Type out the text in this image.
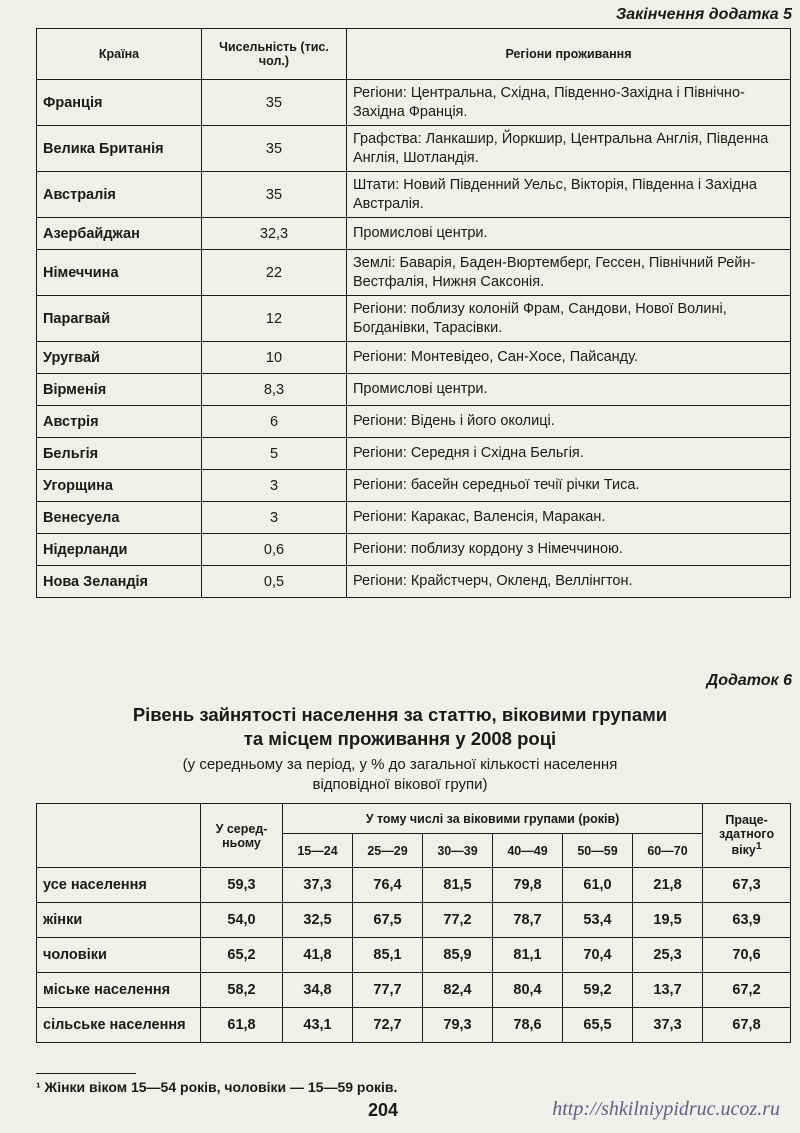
Закінчення додатка 5
Країна	Чисельність (тис. чол.)	Регіони проживання
Франція	35	Регіони: Центральна, Східна, Південно-Західна і Північно-Західна Франція.
Велика Британія	35	Графства: Ланкашир, Йоркшир, Центральна Англія, Південна Англія, Шотландія.
Австралія	35	Штати: Новий Південний Уельс, Вікторія, Південна і Західна Австралія.
Азербайджан	32,3	Промислові центри.
Німеччина	22	Землі: Баварія, Баден-Вюртемберг, Гессен, Північний Рейн-Вестфалія, Нижня Саксонія.
Парагвай	12	Регіони: поблизу колоній Фрам, Сандови, Нової Волині, Богданівки, Тарасівки.
Уругвай	10	Регіони: Монтевідео, Сан-Хосе, Пайсанду.
Вірменія	8,3	Промислові центри.
Австрія	6	Регіони: Відень і його околиці.
Бельгія	5	Регіони: Середня і Східна Бельгія.
Угорщина	3	Регіони: басейн середньої течії річки Тиса.
Венесуела	3	Регіони: Каракас, Валенсія, Маракан.
Нідерланди	0,6	Регіони: поблизу кордону з Німеччиною.
Нова Зеландія	0,5	Регіони: Крайстчерч, Окленд, Веллінгтон.
Додаток 6
Рівень зайнятості населення за статтю, віковими групами
та місцем проживання у 2008 році
(у середньому за період, у % до загальної кількості населення
відповідної вікової групи)
	У серед-ньому	У тому числі за віковими групами (років)						Праце-здатного віку$^1$
		15—24	25—29	30—39	40—49	50—59	60—70	
усе населення	59,3	37,3	76,4	81,5	79,8	61,0	21,8	67,3
жінки	54,0	32,5	67,5	77,2	78,7	53,4	19,5	63,9
чоловіки	65,2	41,8	85,1	85,9	81,1	70,4	25,3	70,6
міське населення	58,2	34,8	77,7	82,4	80,4	59,2	13,7	67,2
сільське населення	61,8	43,1	72,7	79,3	78,6	65,5	37,3	67,8
¹ Жінки віком 15—54 років, чоловіки — 15—59 років.
204	http://shkilniypidruc.ucoz.ru
